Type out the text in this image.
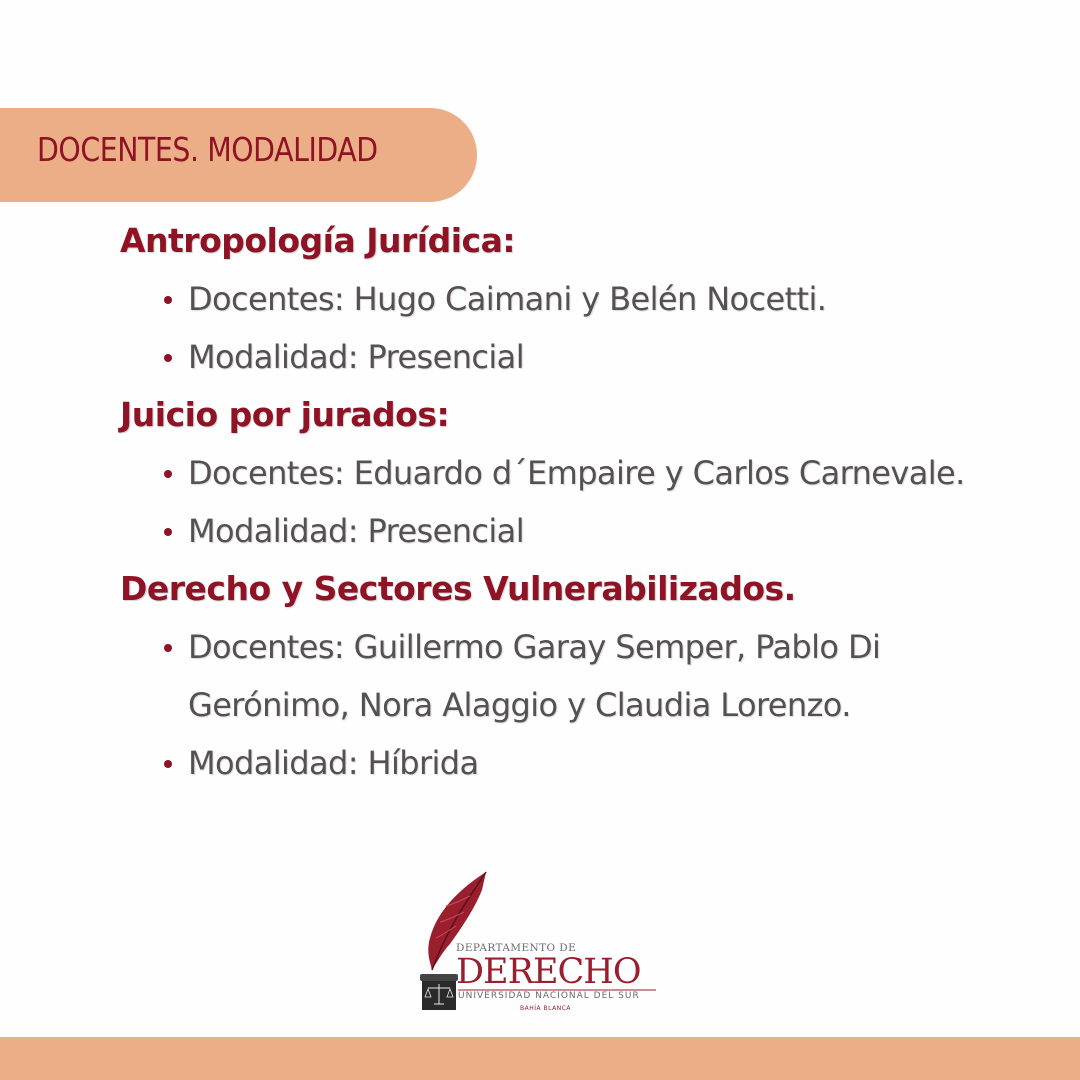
DOCENTES. MODALIDAD
Antropología Jurídica:
Docentes: Hugo Caimani y Belén Nocetti.
Modalidad: Presencial
Juicio por jurados:
Docentes: Eduardo d´Empaire y Carlos Carnevale.
Modalidad: Presencial
Derecho y Sectores Vulnerabilizados.
Docentes: Guillermo Garay Semper, Pablo Di Gerónimo, Nora Alaggio y Claudia Lorenzo.
Modalidad: Híbrida
DEPARTAMENTO DE
DERECHO
UNIVERSIDAD NACIONAL DEL SUR
BAHÍA BLANCA
